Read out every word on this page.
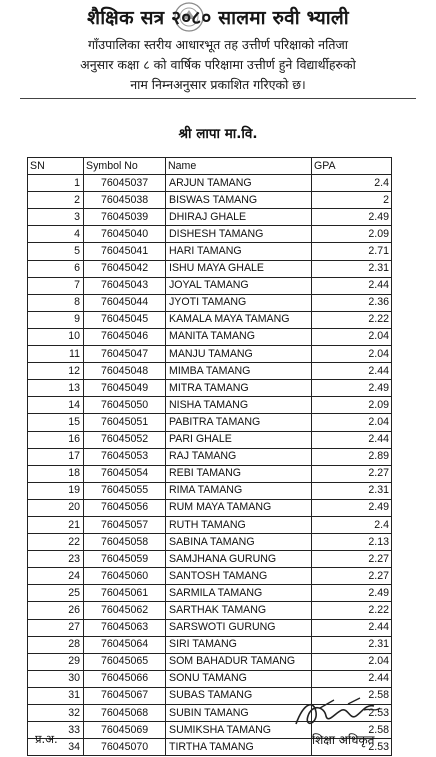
शैक्षिक सत्र २०८० सालमा रुवी भ्याली
गाँउपालिका स्तरीय आधारभूत तह उत्तीर्ण परिक्षाको नतिजा
अनुसार कक्षा ८ को वार्षिक परिक्षामा उत्तीर्ण हुने विद्यार्थीहरुको
नाम निम्नअनुसार प्रकाशित गरिएको छ।
श्री लापा मा.वि.
SN	Symbol No	Name	GPA
1	76045037	ARJUN TAMANG	2.4
2	76045038	BISWAS TAMANG	2
3	76045039	DHIRAJ GHALE	2.49
4	76045040	DISHESH TAMANG	2.09
5	76045041	HARI TAMANG	2.71
6	76045042	ISHU MAYA GHALE	2.31
7	76045043	JOYAL TAMANG	2.44
8	76045044	JYOTI TAMANG	2.36
9	76045045	KAMALA MAYA TAMANG	2.22
10	76045046	MANITA TAMANG	2.04
11	76045047	MANJU TAMANG	2.04
12	76045048	MIMBA TAMANG	2.44
13	76045049	MITRA TAMANG	2.49
14	76045050	NISHA TAMANG	2.09
15	76045051	PABITRA TAMANG	2.04
16	76045052	PARI GHALE	2.44
17	76045053	RAJ TAMANG	2.89
18	76045054	REBI TAMANG	2.27
19	76045055	RIMA TAMANG	2.31
20	76045056	RUM MAYA TAMANG	2.49
21	76045057	RUTH TAMANG	2.4
22	76045058	SABINA TAMANG	2.13
23	76045059	SAMJHANA GURUNG	2.27
24	76045060	SANTOSH TAMANG	2.27
25	76045061	SARMILA TAMANG	2.49
26	76045062	SARTHAK TAMANG	2.22
27	76045063	SARSWOTI GURUNG	2.44
28	76045064	SIRI TAMANG	2.31
29	76045065	SOM BAHADUR TAMANG	2.04
30	76045066	SONU TAMANG	2.44
31	76045067	SUBAS TAMANG	2.58
32	76045068	SUBIN TAMANG	2.53
33	76045069	SUMIKSHA TAMANG	2.58
34	76045070	TIRTHA TAMANG	2.53
प्र.अ.	शिक्षा अधिकृत
